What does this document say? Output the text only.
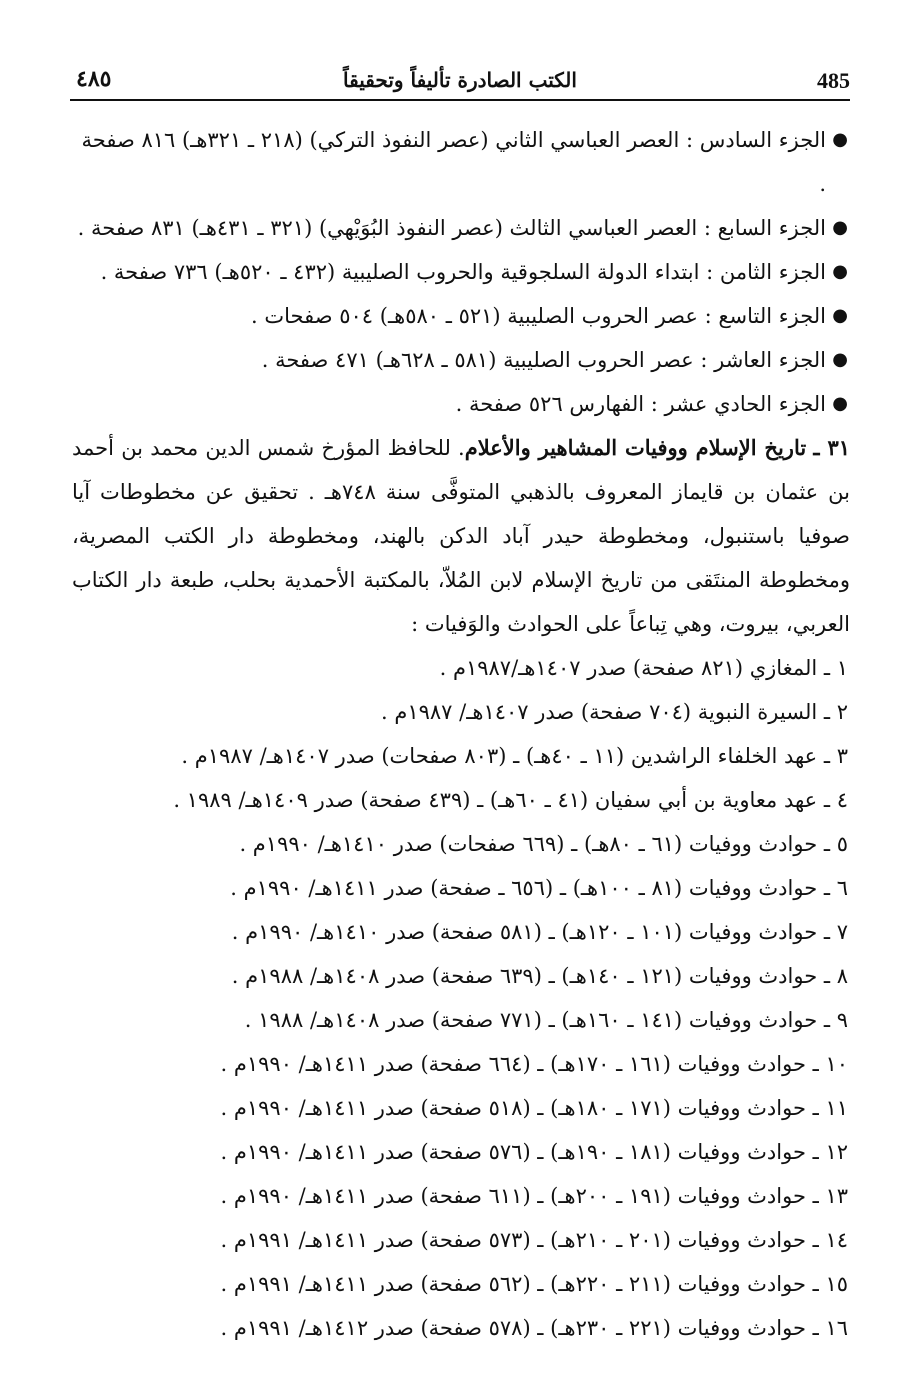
485
الكتب الصادرة تأليفاً وتحقيقاً
٤٨٥
●
الجزء السادس : العصر العباسي الثاني (عصر النفوذ التركي) (٢١٨ ـ ٣٢١هـ) ٨١٦ صفحة .
●
الجزء السابع : العصر العباسي الثالث (عصر النفوذ البُوَيْهي) (٣٢١ ـ ٤٣١هـ) ٨٣١ صفحة .
●
الجزء الثامن : ابتداء الدولة السلجوقية والحروب الصليبية (٤٣٢ ـ ٥٢٠هـ) ٧٣٦ صفحة .
●
الجزء التاسع : عصر الحروب الصليبية (٥٢١ ـ ٥٨٠هـ) ٥٠٤ صفحات .
●
الجزء العاشر : عصر الحروب الصليبية (٥٨١ ـ ٦٢٨هـ) ٤٧١ صفحة .
●
الجزء الحادي عشر : الفهارس ٥٢٦ صفحة .
٣١ ـ تاريخ الإسلام ووفيات المشاهير والأعلام. للحافظ المؤرخ شمس الدين محمد بن أحمد بن عثمان بن قايماز المعروف بالذهبي المتوفَّى سنة ٧٤٨هـ . تحقيق عن مخطوطات آيا صوفيا باستنبول، ومخطوطة حيدر آباد الدكن بالهند، ومخطوطة دار الكتب المصرية، ومخطوطة المنتَقى من تاريخ الإسلام لابن المُلاّ، بالمكتبة الأحمدية بحلب، طبعة دار الكتاب العربي، بيروت، وهي تِباعاً على الحوادث والوَفيات :
١ ـ المغازي (٨٢١ صفحة) صدر ١٤٠٧هـ/١٩٨٧م .
٢ ـ السيرة النبوية (٧٠٤ صفحة) صدر ١٤٠٧هـ/ ١٩٨٧م .
٣ ـ عهد الخلفاء الراشدين (١١ ـ ٤٠هـ) ـ (٨٠٣ صفحات) صدر ١٤٠٧هـ/ ١٩٨٧م .
٤ ـ عهد معاوية بن أبي سفيان (٤١ ـ ٦٠هـ) ـ (٤٣٩ صفحة) صدر ١٤٠٩هـ/ ١٩٨٩ .
٥ ـ حوادث ووفيات (٦١ ـ ٨٠هـ) ـ (٦٦٩ صفحات) صدر ١٤١٠هـ/ ١٩٩٠م .
٦ ـ حوادث ووفيات (٨١ ـ ١٠٠هـ) ـ (٦٥٦ ـ صفحة) صدر ١٤١١هـ/ ١٩٩٠م .
٧ ـ حوادث ووفيات (١٠١ ـ ١٢٠هـ) ـ (٥٨١ صفحة) صدر ١٤١٠هـ/ ١٩٩٠م .
٨ ـ حوادث ووفيات (١٢١ ـ ١٤٠هـ) ـ (٦٣٩ صفحة) صدر ١٤٠٨هـ/ ١٩٨٨م .
٩ ـ حوادث ووفيات (١٤١ ـ ١٦٠هـ) ـ (٧٧١ صفحة) صدر ١٤٠٨هـ/ ١٩٨٨ .
١٠ ـ حوادث ووفيات (١٦١ ـ ١٧٠هـ) ـ (٦٦٤ صفحة) صدر ١٤١١هـ/ ١٩٩٠م .
١١ ـ حوادث ووفيات (١٧١ ـ ١٨٠هـ) ـ (٥١٨ صفحة) صدر ١٤١١هـ/ ١٩٩٠م .
١٢ ـ حوادث ووفيات (١٨١ ـ ١٩٠هـ) ـ (٥٧٦ صفحة) صدر ١٤١١هـ/ ١٩٩٠م .
١٣ ـ حوادث ووفيات (١٩١ ـ ٢٠٠هـ) ـ (٦١١ صفحة) صدر ١٤١١هـ/ ١٩٩٠م .
١٤ ـ حوادث ووفيات (٢٠١ ـ ٢١٠هـ) ـ (٥٧٣ صفحة) صدر ١٤١١هـ/ ١٩٩١م .
١٥ ـ حوادث ووفيات (٢١١ ـ ٢٢٠هـ) ـ (٥٦٢ صفحة) صدر ١٤١١هـ/ ١٩٩١م .
١٦ ـ حوادث ووفيات (٢٢١ ـ ٢٣٠هـ) ـ (٥٧٨ صفحة) صدر ١٤١٢هـ/ ١٩٩١م .
